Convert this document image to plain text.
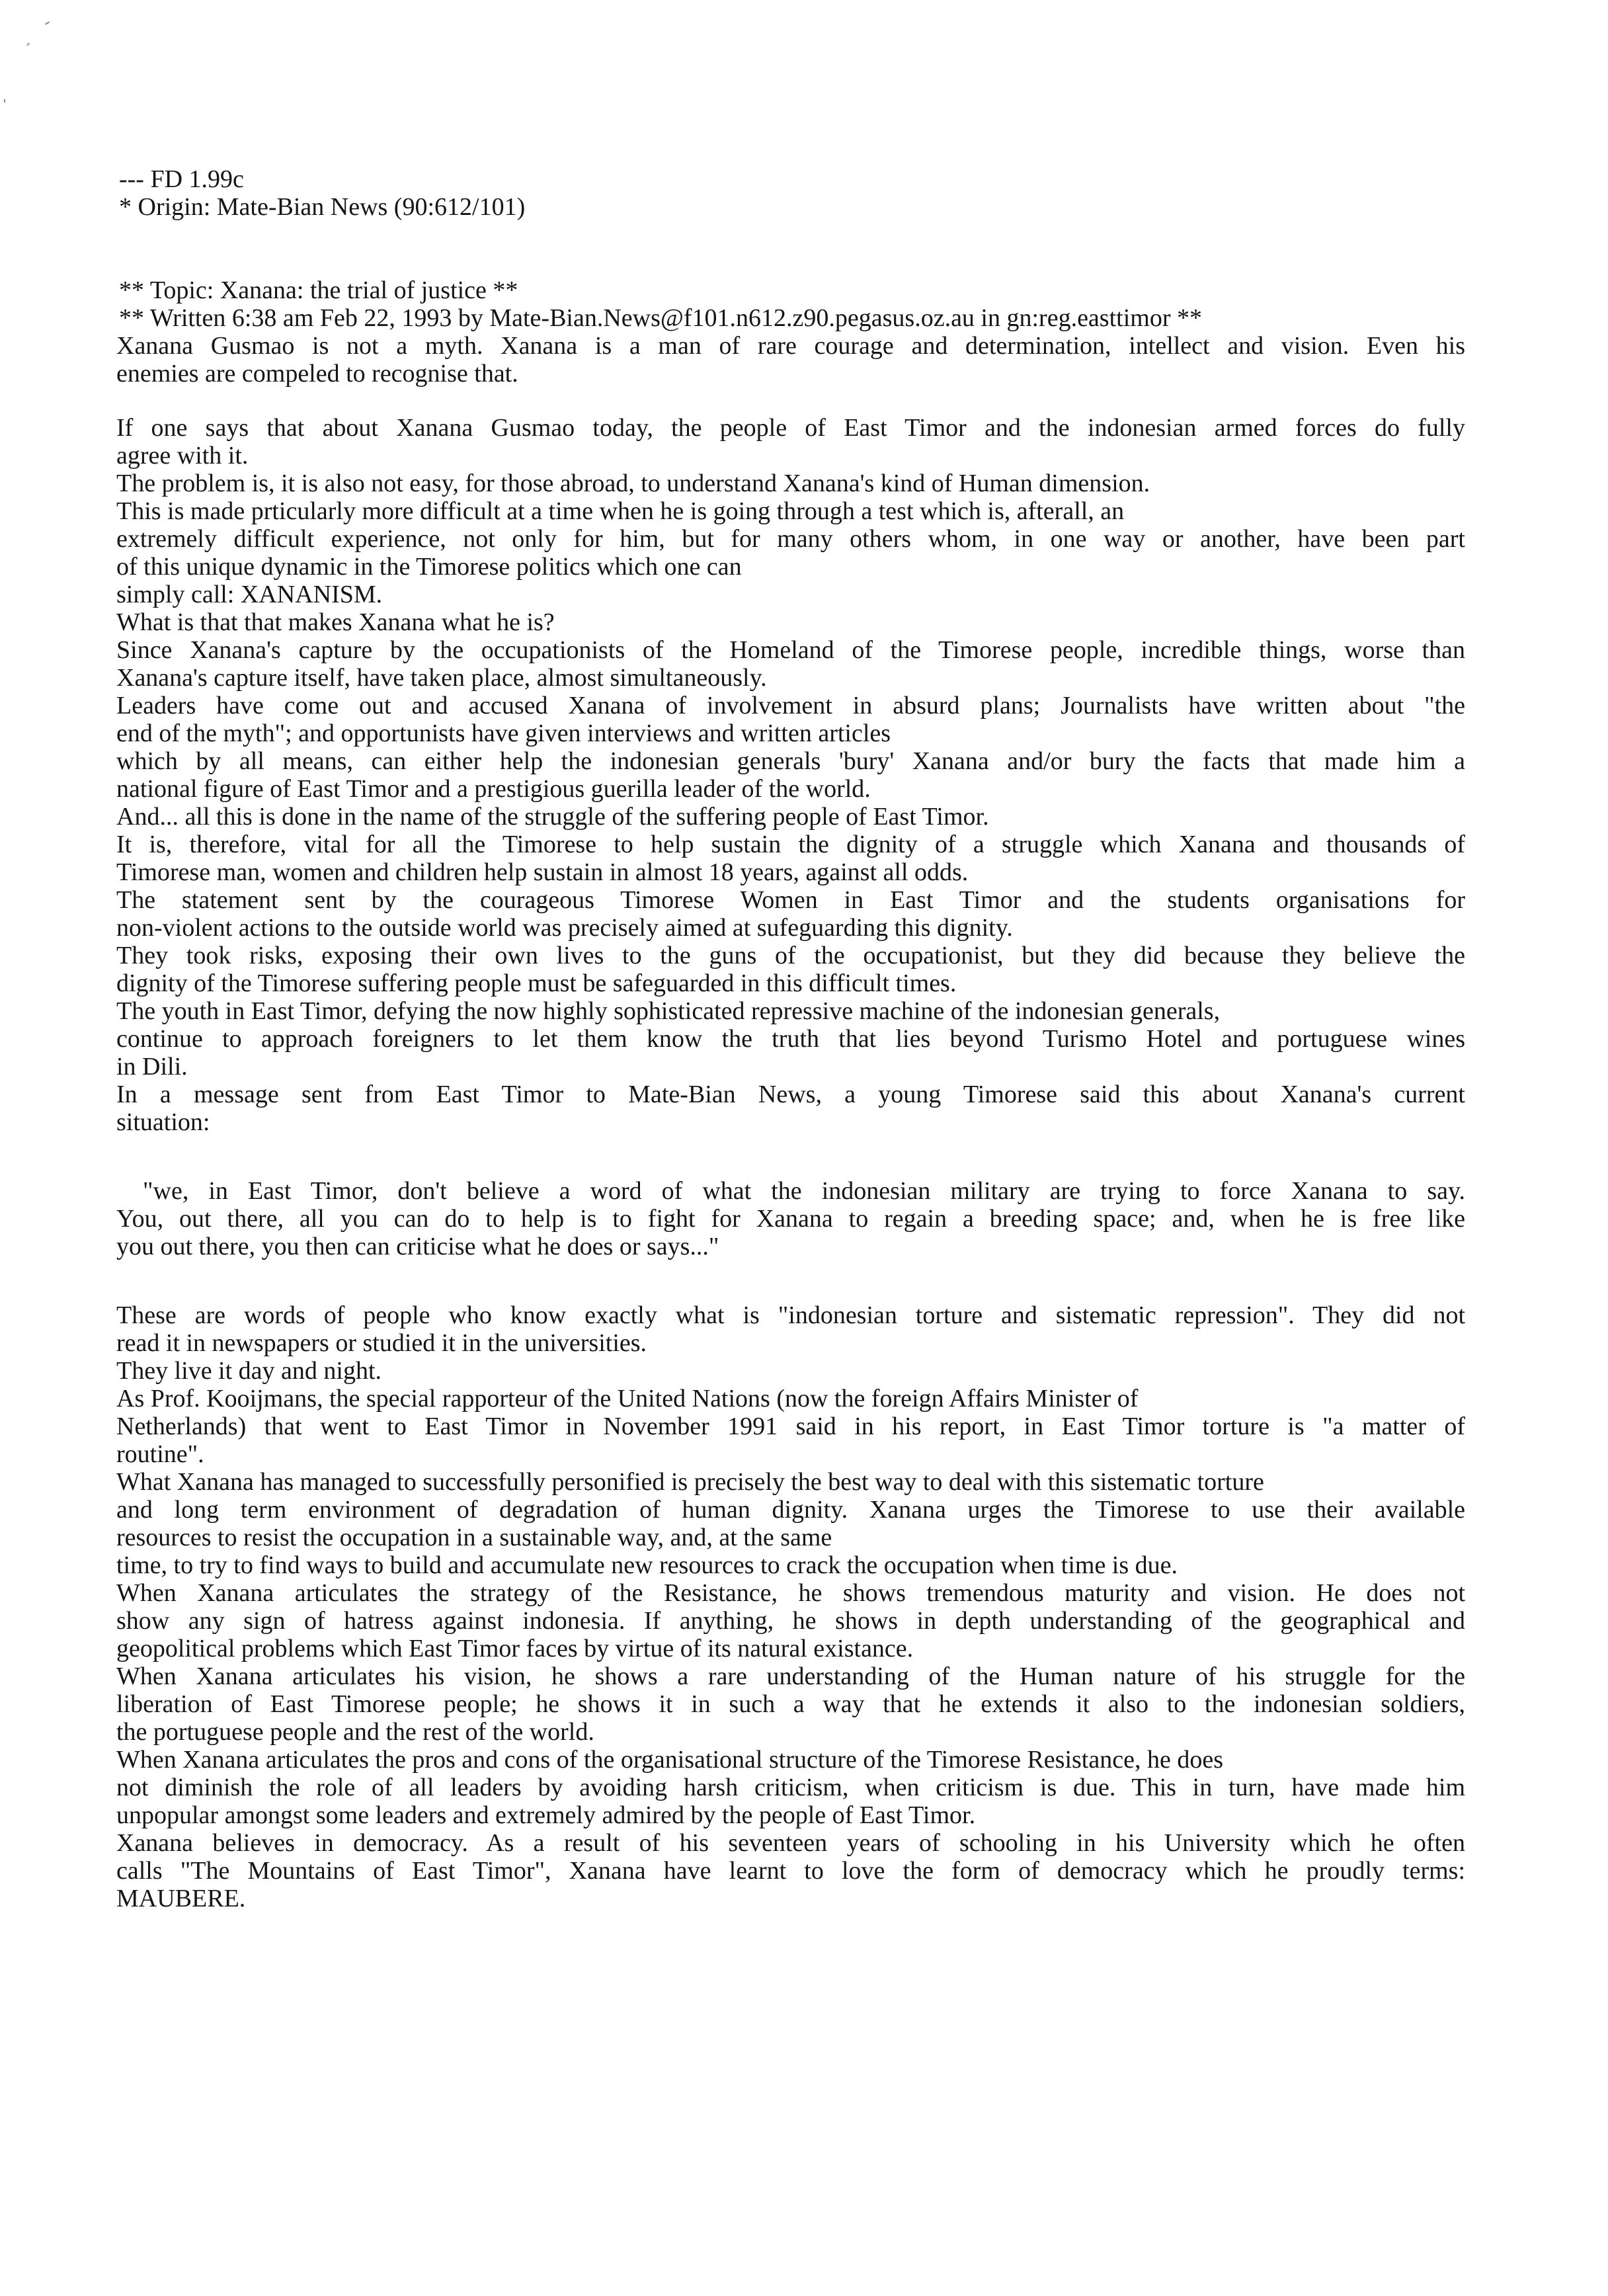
--- FD 1.99c
* Origin: Mate-Bian News (90:612/101)
** Topic: Xanana: the trial of justice **
** Written 6:38 am Feb 22, 1993 by Mate-Bian.News@f101.n612.z90.pegasus.oz.au in gn:reg.easttimor **
Xanana Gusmao is not a myth. Xanana is a man of rare courage and determination, intellect and vision. Even his
enemies are compeled to recognise that.
If one says that about Xanana Gusmao today, the people of East Timor and the indonesian armed forces do fully
agree with it.
The problem is, it is also not easy, for those abroad, to understand Xanana's kind of Human dimension.
This is made prticularly more difficult at a time when he is going through a test which is, afterall, an
extremely difficult experience, not only for him, but for many others whom, in one way or another, have been part
of this unique dynamic in the Timorese politics which one can
simply call: XANANISM.
What is that that makes Xanana what he is?
Since Xanana's capture by the occupationists of the Homeland of the Timorese people, incredible things, worse than
Xanana's capture itself, have taken place, almost simultaneously.
Leaders have come out and accused Xanana of involvement in absurd plans; Journalists have written about "the
end of the myth"; and opportunists have given interviews and written articles
which by all means, can either help the indonesian generals 'bury' Xanana and/or bury the facts that made him a
national figure of East Timor and a prestigious guerilla leader of the world.
And... all this is done in the name of the struggle of the suffering people of East Timor.
It is, therefore, vital for all the Timorese to help sustain the dignity of a struggle which Xanana and thousands of
Timorese man, women and children help sustain in almost 18 years, against all odds.
The statement sent by the courageous Timorese Women in East Timor and the students organisations for
non-violent actions to the outside world was precisely aimed at sufeguarding this dignity.
They took risks, exposing their own lives to the guns of the occupationist, but they did because they believe the
dignity of the Timorese suffering people must be safeguarded in this difficult times.
The youth in East Timor, defying the now highly sophisticated repressive machine of the indonesian generals,
continue to approach foreigners to let them know the truth that lies beyond Turismo Hotel and portuguese wines
in Dili.
In a message sent from East Timor to Mate-Bian News, a young Timorese said this about Xanana's current
situation:
"we, in East Timor, don't believe a word of what the indonesian military are trying to force Xanana to say.
You, out there, all you can do to help is to fight for Xanana to regain a breeding space; and, when he is free like
you out there, you then can criticise what he does or says..."
These are words of people who know exactly what is "indonesian torture and sistematic repression". They did not
read it in newspapers or studied it in the universities.
They live it day and night.
As Prof. Kooijmans, the special rapporteur of the United Nations (now the foreign Affairs Minister of
Netherlands) that went to East Timor in November 1991 said in his report, in East Timor torture is "a matter of
routine".
What Xanana has managed to successfully personified is precisely the best way to deal with this sistematic torture
and long term environment of degradation of human dignity. Xanana urges the Timorese to use their available
resources to resist the occupation in a sustainable way, and, at the same
time, to try to find ways to build and accumulate new resources to crack the occupation when time is due.
When Xanana articulates the strategy of the Resistance, he shows tremendous maturity and vision. He does not
show any sign of hatress against indonesia. If anything, he shows in depth understanding of the geographical and
geopolitical problems which East Timor faces by virtue of its natural existance.
When Xanana articulates his vision, he shows a rare understanding of the Human nature of his struggle for the
liberation of East Timorese people; he shows it in such a way that he extends it also to the indonesian soldiers,
the portuguese people and the rest of the world.
When Xanana articulates the pros and cons of the organisational structure of the Timorese Resistance, he does
not diminish the role of all leaders by avoiding harsh criticism, when criticism is due. This in turn, have made him
unpopular amongst some leaders and extremely admired by the people of East Timor.
Xanana believes in democracy. As a result of his seventeen years of schooling in his University which he often
calls "The Mountains of East Timor", Xanana have learnt to love the form of democracy which he proudly terms:
MAUBERE.
